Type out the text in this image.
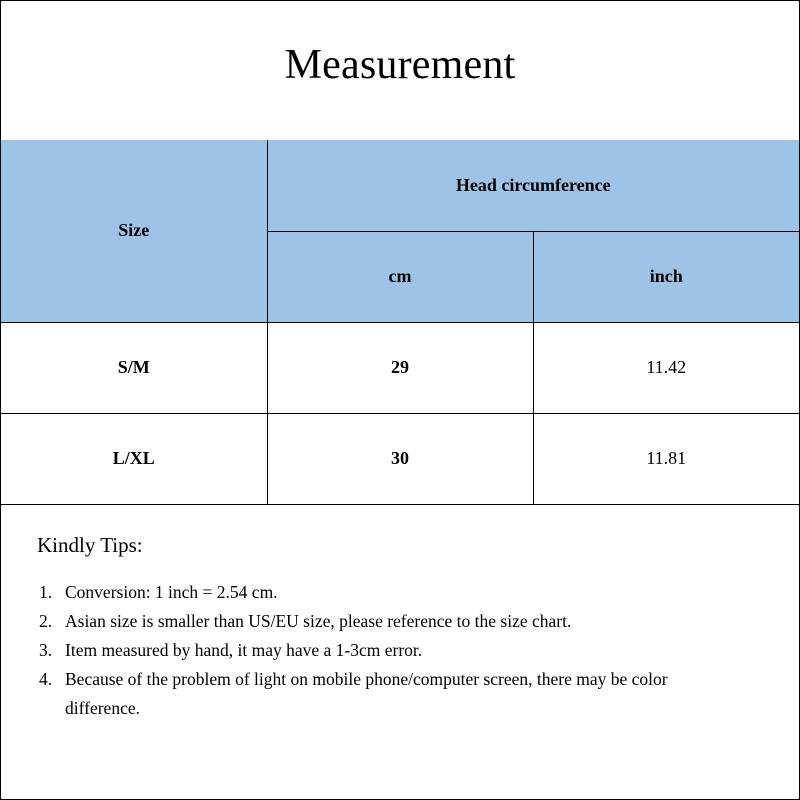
Measurement
Size	Head circumference	
	cm	inch
S/M	29	11.42
L/XL	30	11.81
Kindly Tips:
1. Conversion: 1 inch = 2.54 cm.
2. Asian size is smaller than US/EU size, please reference to the size chart.
3. Item measured by hand, it may have a 1-3cm error.
4. Because of the problem of light on mobile phone/computer screen, there may be color difference.
